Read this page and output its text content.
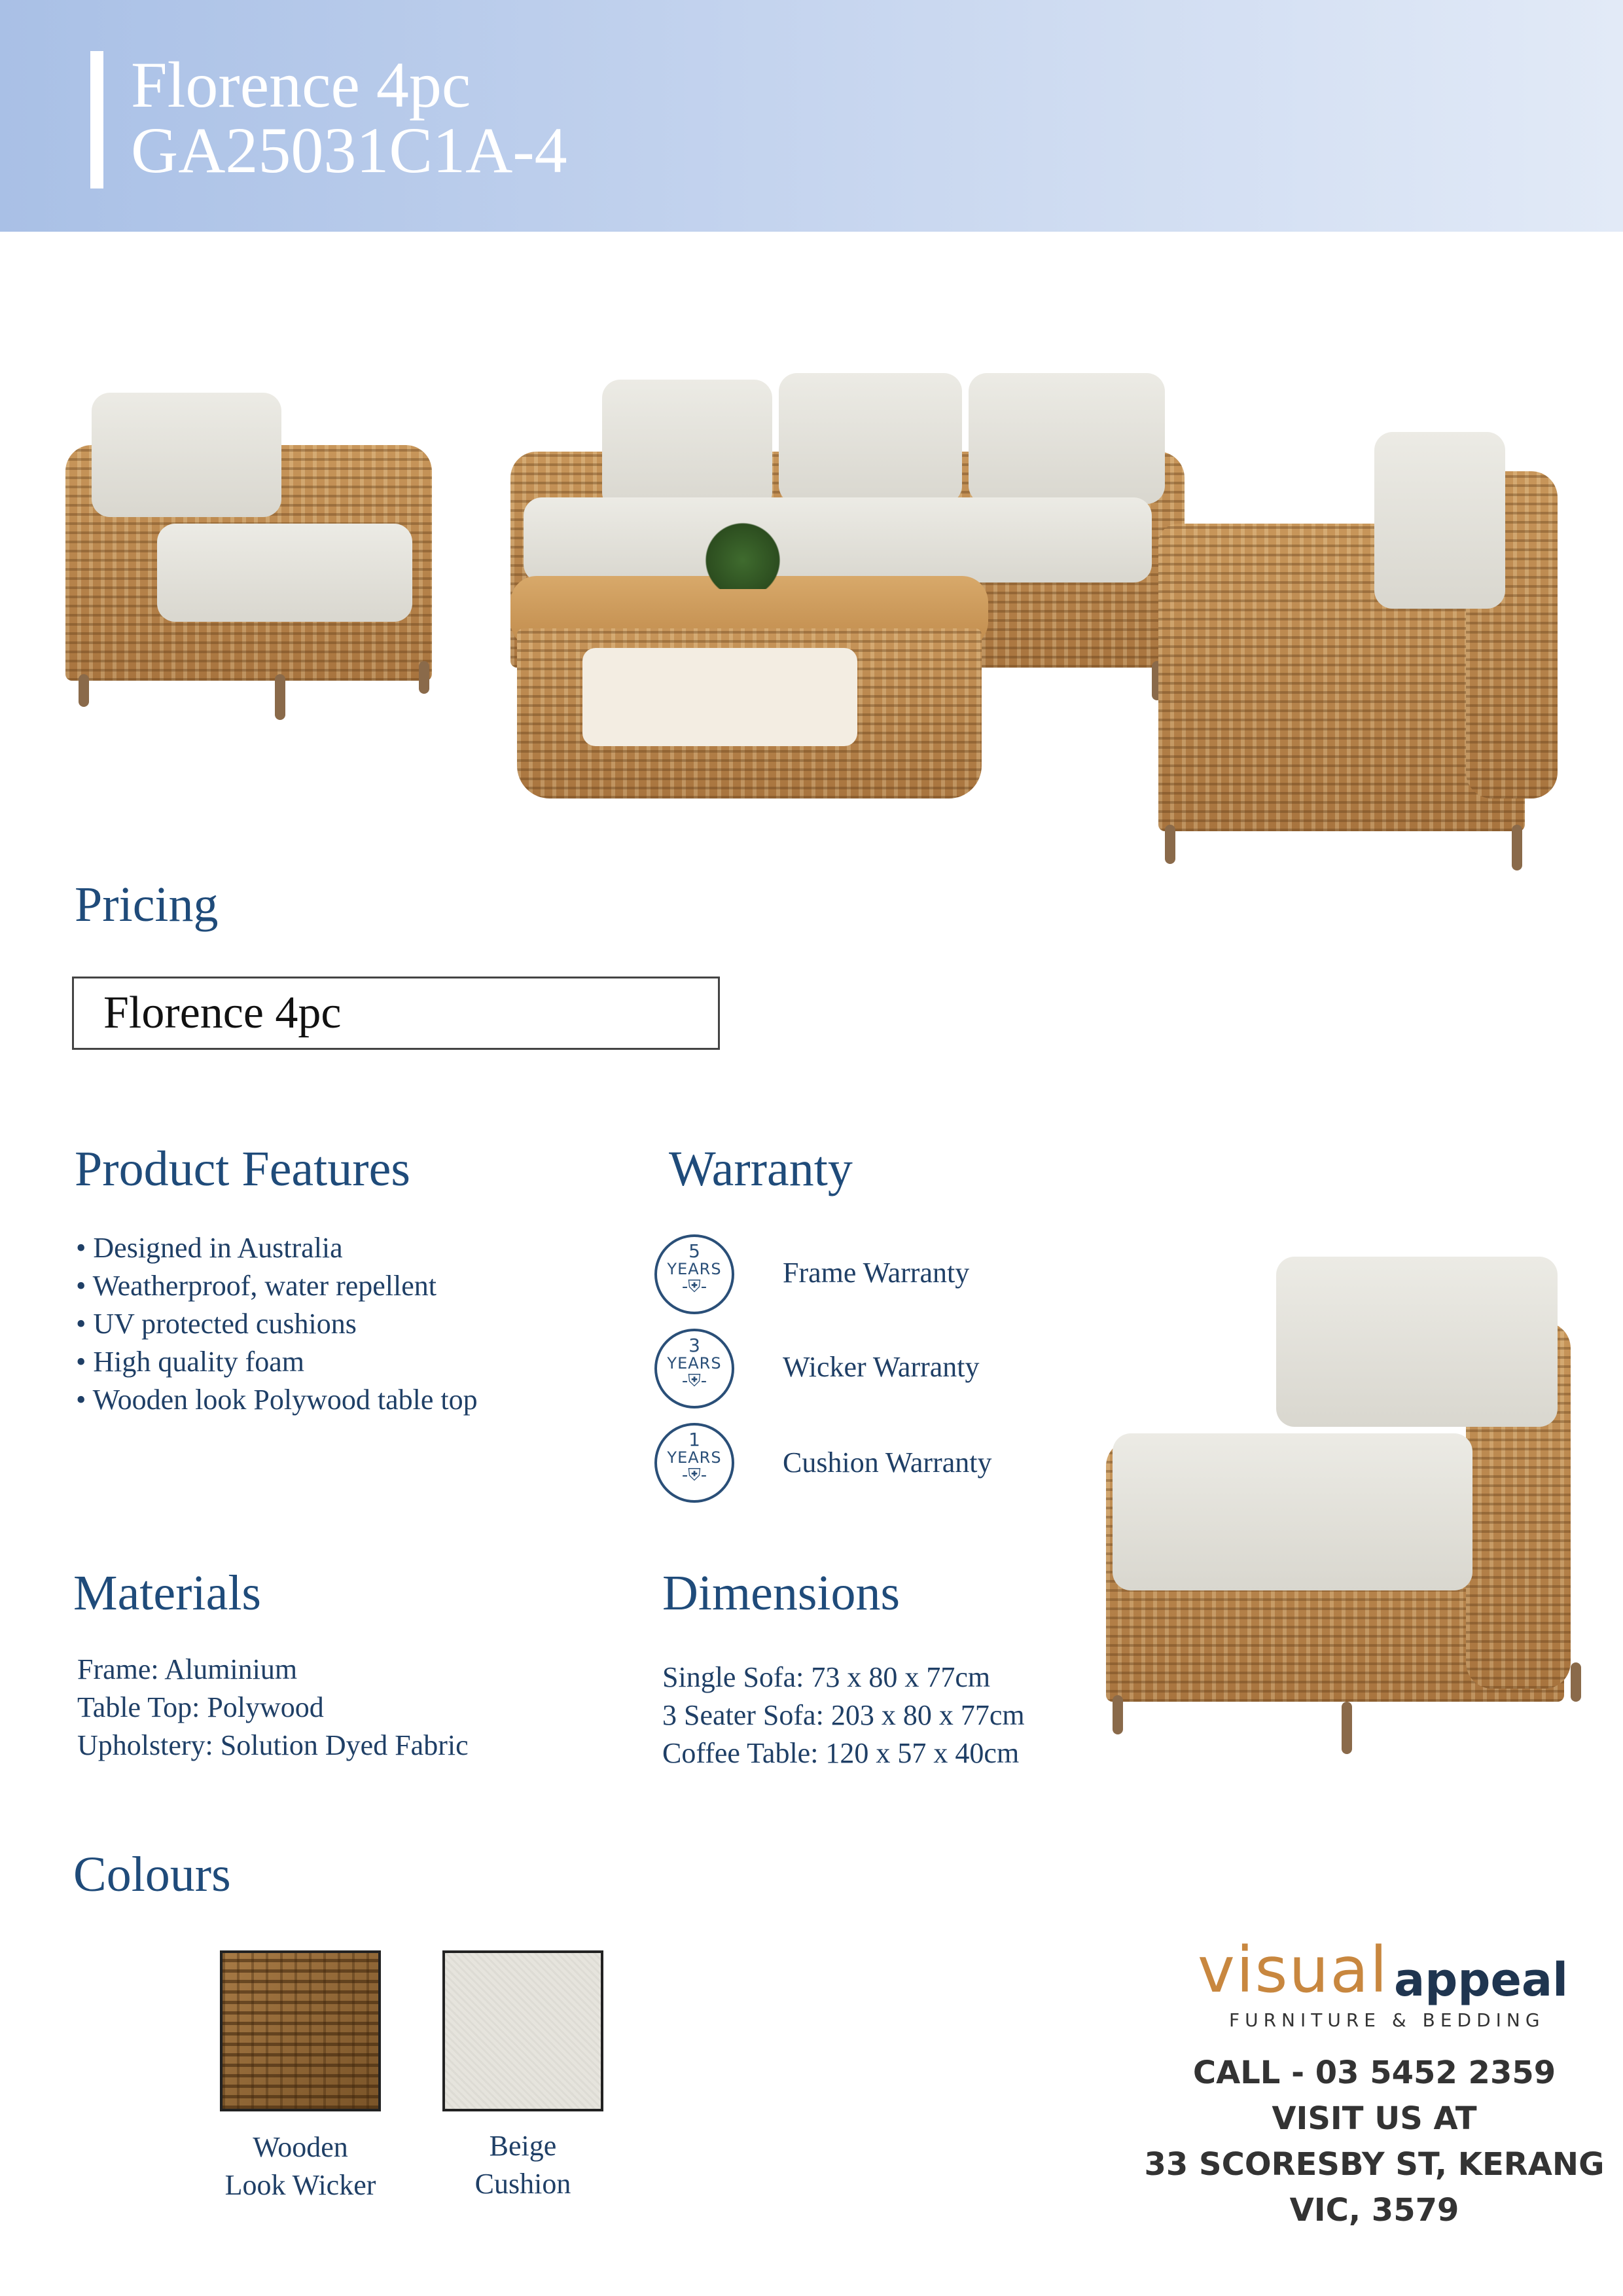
Florence 4pc
GA25031C1A-4
Pricing
Florence 4pc
Product Features
• Designed in Australia
• Weatherproof, water repellent
• UV protected cushions
• High quality foam
• Wooden look Polywood table top
Warranty
5
YEARS
-⛨-	Frame Warranty
3
YEARS
-⛨-	Wicker Warranty
1
YEARS
-⛨-	Cushion Warranty
Materials
Frame: Aluminium
Table Top: Polywood
Upholstery: Solution Dyed Fabric
Dimensions
Single Sofa: 73 x 80 x 77cm
3 Seater Sofa: 203 x 80 x 77cm
Coffee Table: 120 x 57 x 40cm
Colours
Wooden
Look Wicker
Beige
Cushion
visual appeal
FURNITURE & BEDDING
CALL - 03 5452 2359
VISIT US AT
33 SCORESBY ST, KERANG
VIC, 3579
